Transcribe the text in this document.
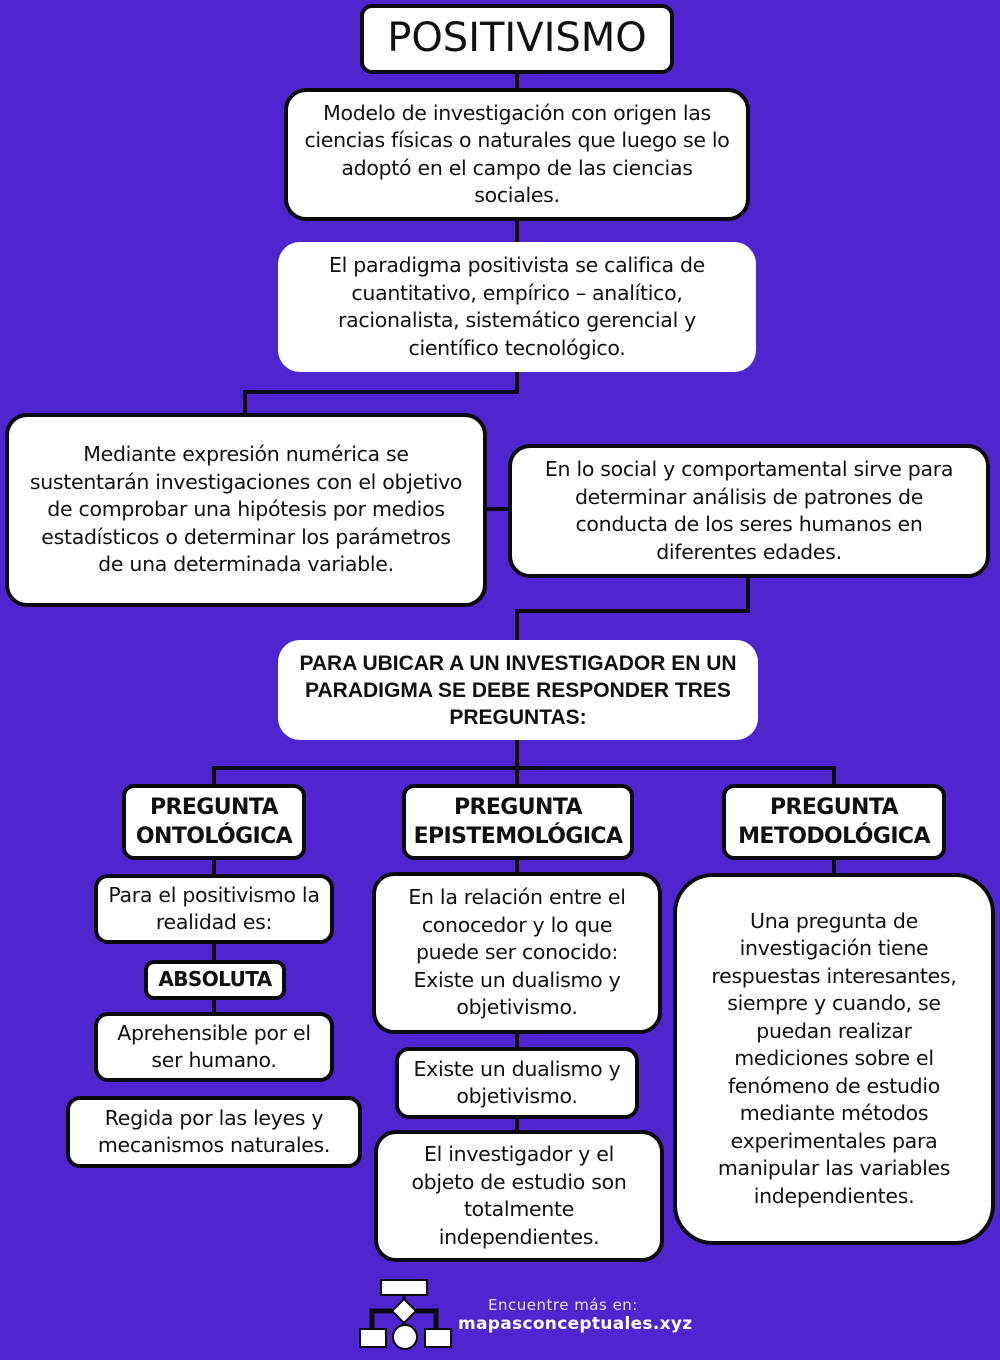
POSITIVISMO
Modelo de investigación con origen las ciencias físicas o naturales que luego se lo adoptó en el campo de las ciencias sociales.
El paradigma positivista se califica de cuantitativo, empírico – analítico, racionalista, sistemático gerencial y científico tecnológico.
Mediante expresión numérica se sustentarán investigaciones con el objetivo de comprobar una hipótesis por medios estadísticos o determinar los parámetros de una determinada variable.
En lo social y comportamental sirve para determinar análisis de patrones de conducta de los seres humanos en diferentes edades.
PARA UBICAR A UN INVESTIGADOR EN UN PARADIGMA SE DEBE RESPONDER TRES PREGUNTAS:
PREGUNTA
ONTOLÓGICA
Para el positivismo la realidad es:
ABSOLUTA
Aprehensible por el ser humano.
Regida por las leyes y mecanismos naturales.
PREGUNTA
EPISTEMOLÓGICA
En la relación entre el conocedor y lo que puede ser conocido: Existe un dualismo y objetivismo.
Existe un dualismo y objetivismo.
El investigador y el objeto de estudio son totalmente independientes.
PREGUNTA
METODOLÓGICA
Una pregunta de investigación tiene respuestas interesantes, siempre y cuando, se puedan realizar mediciones sobre el fenómeno de estudio mediante métodos experimentales para manipular las variables independientes.
Encuentre más en:
mapasconceptuales.xyz
